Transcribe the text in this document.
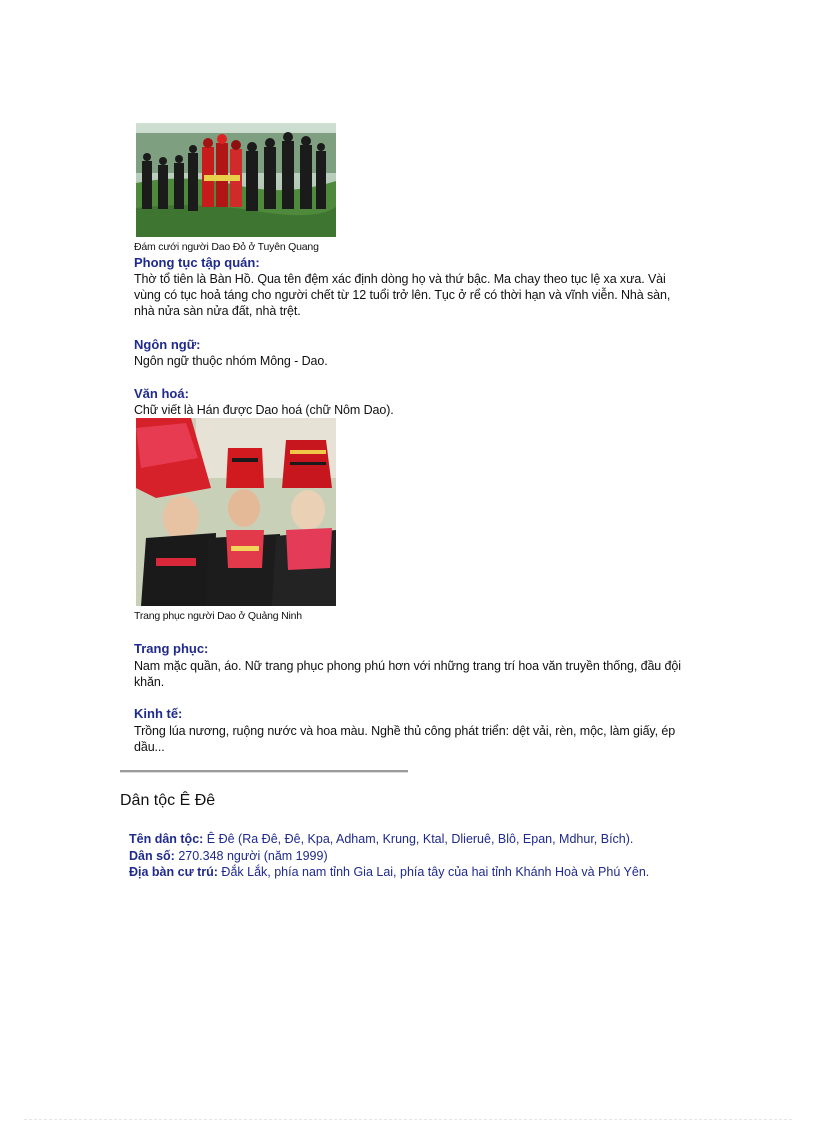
Đám cưới người Dao Đỏ ở Tuyên Quang
Phong tục tập quán:
Thờ tổ tiên là Bàn Hồ. Qua tên đệm xác định dòng họ và thứ bậc. Ma chay theo tục lệ xa xưa. Vài vùng có tục hoả táng cho người chết từ 12 tuổi trở lên. Tục ở rể có thời hạn và vĩnh viễn. Nhà sàn, nhà nửa sàn nửa đất, nhà trệt.
Ngôn ngữ:
Ngôn ngữ thuộc nhóm Mông - Dao.
Văn hoá:
Chữ viết là Hán được Dao hoá (chữ Nôm Dao).
Trang phục người Dao ở Quảng Ninh
Trang phục:
Nam mặc quần, áo. Nữ trang phục phong phú hơn với những trang trí hoa văn truyền thống, đầu đội khăn.
Kinh tế:
Trồng lúa nương, ruộng nước và hoa màu. Nghề thủ công phát triển: dệt vải, rèn, mộc, làm giấy, ép dầu...
Dân tộc Ê Đê
Tên dân tộc: Ê Đê (Ra Đê, Đê, Kpa, Adham, Krung, Ktal, Dlieruê, Blô, Epan, Mdhur, Bích).
Dân số: 270.348 người (năm 1999)
Địa bàn cư trú: Đắk Lắk, phía nam tỉnh Gia Lai, phía tây của hai tỉnh Khánh Hoà và Phú Yên.
